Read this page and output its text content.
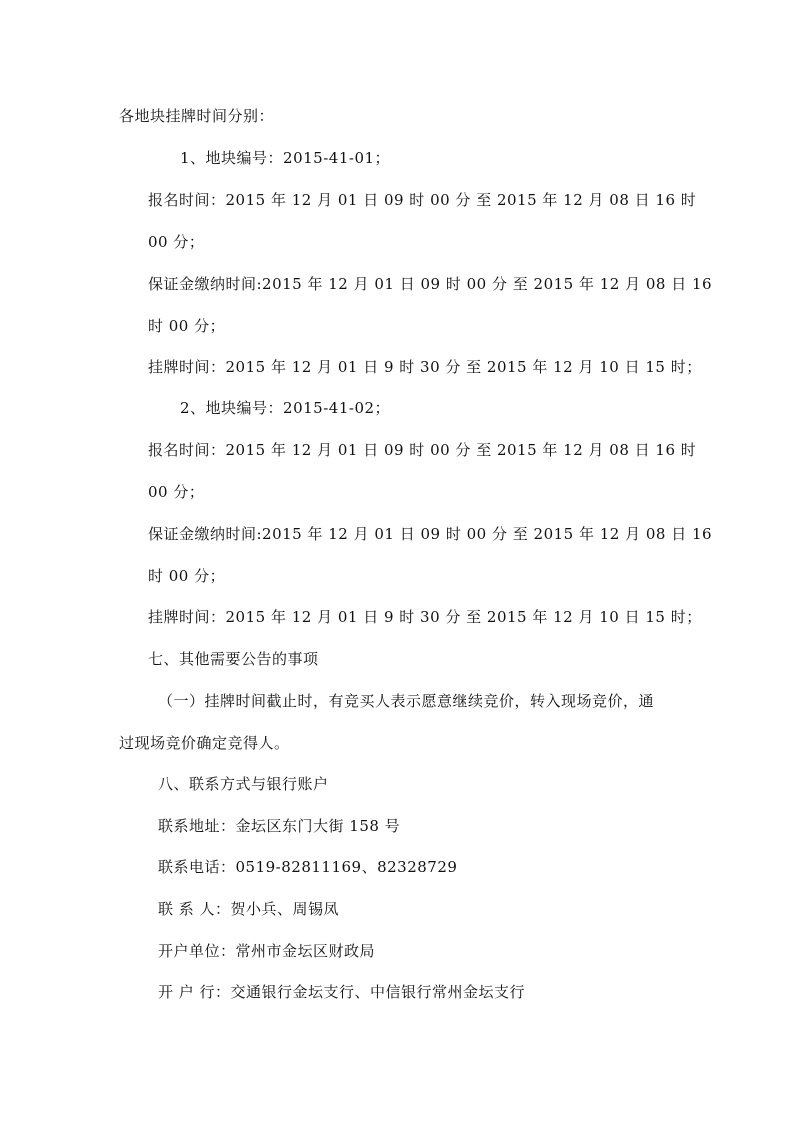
各地块挂牌时间分别：
1、地块编号：2015-41-01；
报名时间：2015 年 12 月 01 日 09 时 00 分 至 2015 年 12 月 08 日 16 时
00 分；
保证金缴纳时间:2015 年 12 月 01 日 09 时 00 分 至 2015 年 12 月 08 日 16
时 00 分；
挂牌时间：2015 年 12 月 01 日 9 时 30 分 至 2015 年 12 月 10 日 15 时；
2、地块编号：2015-41-02；
报名时间：2015 年 12 月 01 日 09 时 00 分 至 2015 年 12 月 08 日 16 时
00 分；
保证金缴纳时间:2015 年 12 月 01 日 09 时 00 分 至 2015 年 12 月 08 日 16
时 00 分；
挂牌时间：2015 年 12 月 01 日 9 时 30 分 至 2015 年 12 月 10 日 15 时；
七、其他需要公告的事项
（一）挂牌时间截止时，有竞买人表示愿意继续竞价，转入现场竞价，通
过现场竞价确定竞得人。
八、联系方式与银行账户
联系地址：金坛区东门大街 158 号
联系电话：0519-82811169、82328729
联 系 人：贺小兵、周锡凤
开户单位：常州市金坛区财政局
开 户 行：交通银行金坛支行、中信银行常州金坛支行
